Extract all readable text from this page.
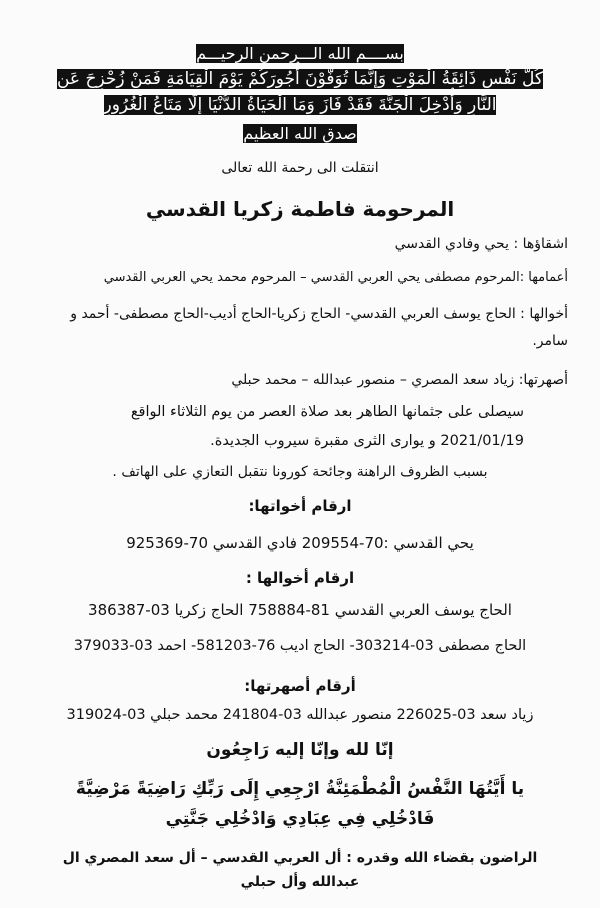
بســــم الله الـــرحمن الرحيـــم
كُلُّ نَفْسٍ ذَائِقَةُ الْمَوْتِ وَإِنَّمَا تُوَفَّوْنَ أُجُورَكُمْ يَوْمَ الْقِيَامَةِ فَمَنْ زُحْزِحَ عَنِ النَّارِ وَأُدْخِلَ الْجَنَّةَ فَقَدْ فَازَ وَمَا الْحَيَاةُ الدُّنْيَا إِلَّا مَتَاعُ الْغُرُورِ
صدق الله العظيم
انتقلت الى رحمة الله تعالى
المرحومة فاطمة زكريا القدسي
اشقاؤها : يحي وفادي القدسي
أعمامها :المرحوم مصطفى يحي العربي القدسي – المرحوم محمد يحي العربي القدسي
أخوالها : الحاج يوسف العربي القدسي- الحاج زكريا-الحاج أديب-الحاج مصطفى- أحمد و سامر.
أصهرتها: زياد سعد المصري – منصور عبدالله – محمد حبلي
سيصلى على جثمانها الطاهر بعد صلاة العصر من يوم الثلاثاء الواقع 2021/01/19 و يوارى الثرى مقبرة سيروب الجديدة.
بسبب الظروف الراهنة وجائحة كورونا نتقبل التعازي على الهاتف .
ارقام أخواتها:
يحي القدسي :70-209554 فادي القدسي 70-925369
ارقام أخوالها :
الحاج يوسف العربي القدسي 81-758884 الحاج زكريا 03-386387
الحاج مصطفى 03-303214- الحاج اديب 76-581203- احمد 03-379033
أرقام أصهرتها:
زياد سعد 03-226025 منصور عبدالله 03-241804 محمد حبلي 03-319024
إنّا لله وإنّا إليه رَاجِعُون
يا أَيَّتُهَا النَّفْسُ الْمُطْمَئِنَّةُ ارْجِعِي إِلَى رَبِّكِ رَاضِيَةً مَرْضِيَّةً فَادْخُلِي فِي عِبَادِي وَادْخُلِي جَنَّتِي
الراضون بقضاء الله وقدره : أل العربي القدسي – أل سعد المصري ال عبدالله وأل حبلي
